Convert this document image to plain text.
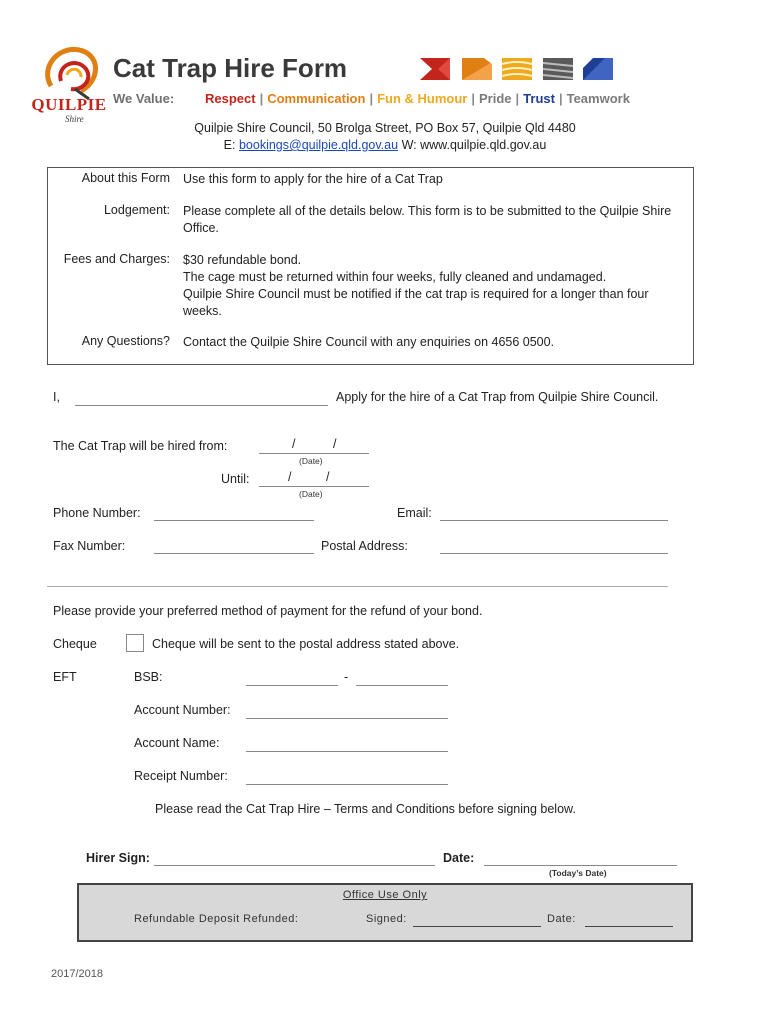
QUILPIE
Shire
Cat Trap Hire Form
We Value: Respect | Communication | Fun & Humour | Pride | Trust | Teamwork
Quilpie Shire Council, 50 Brolga Street, PO Box 57, Quilpie Qld 4480
E: bookings@quilpie.qld.gov.au W: www.quilpie.qld.gov.au
About this Form Use this form to apply for the hire of a Cat Trap
Lodgement: Please complete all of the details below. This form is to be submitted to the Quilpie Shire Office.
Fees and Charges: $30 refundable bond.
The cage must be returned within four weeks, fully cleaned and undamaged.
Quilpie Shire Council must be notified if the cat trap is required for a longer than four weeks.
Any Questions? Contact the Quilpie Shire Council with any enquiries on 4656 0500.
I,	Apply for the hire of a Cat Trap from Quilpie Shire Council.
The Cat Trap will be hired from:	/	/
(Date)
Until:	/	/
(Date)
Phone Number:	Email:
Fax Number:	Postal Address:
Please provide your preferred method of payment for the refund of your bond.
Cheque	Cheque will be sent to the postal address stated above.
EFT	BSB:	-
Account Number:
Account Name:
Receipt Number:
Please read the Cat Trap Hire – Terms and Conditions before signing below.
Hirer Sign:	Date:
(Today’s Date)
Office Use Only
Refundable Deposit Refunded:	Signed:	Date:
2017/2018
